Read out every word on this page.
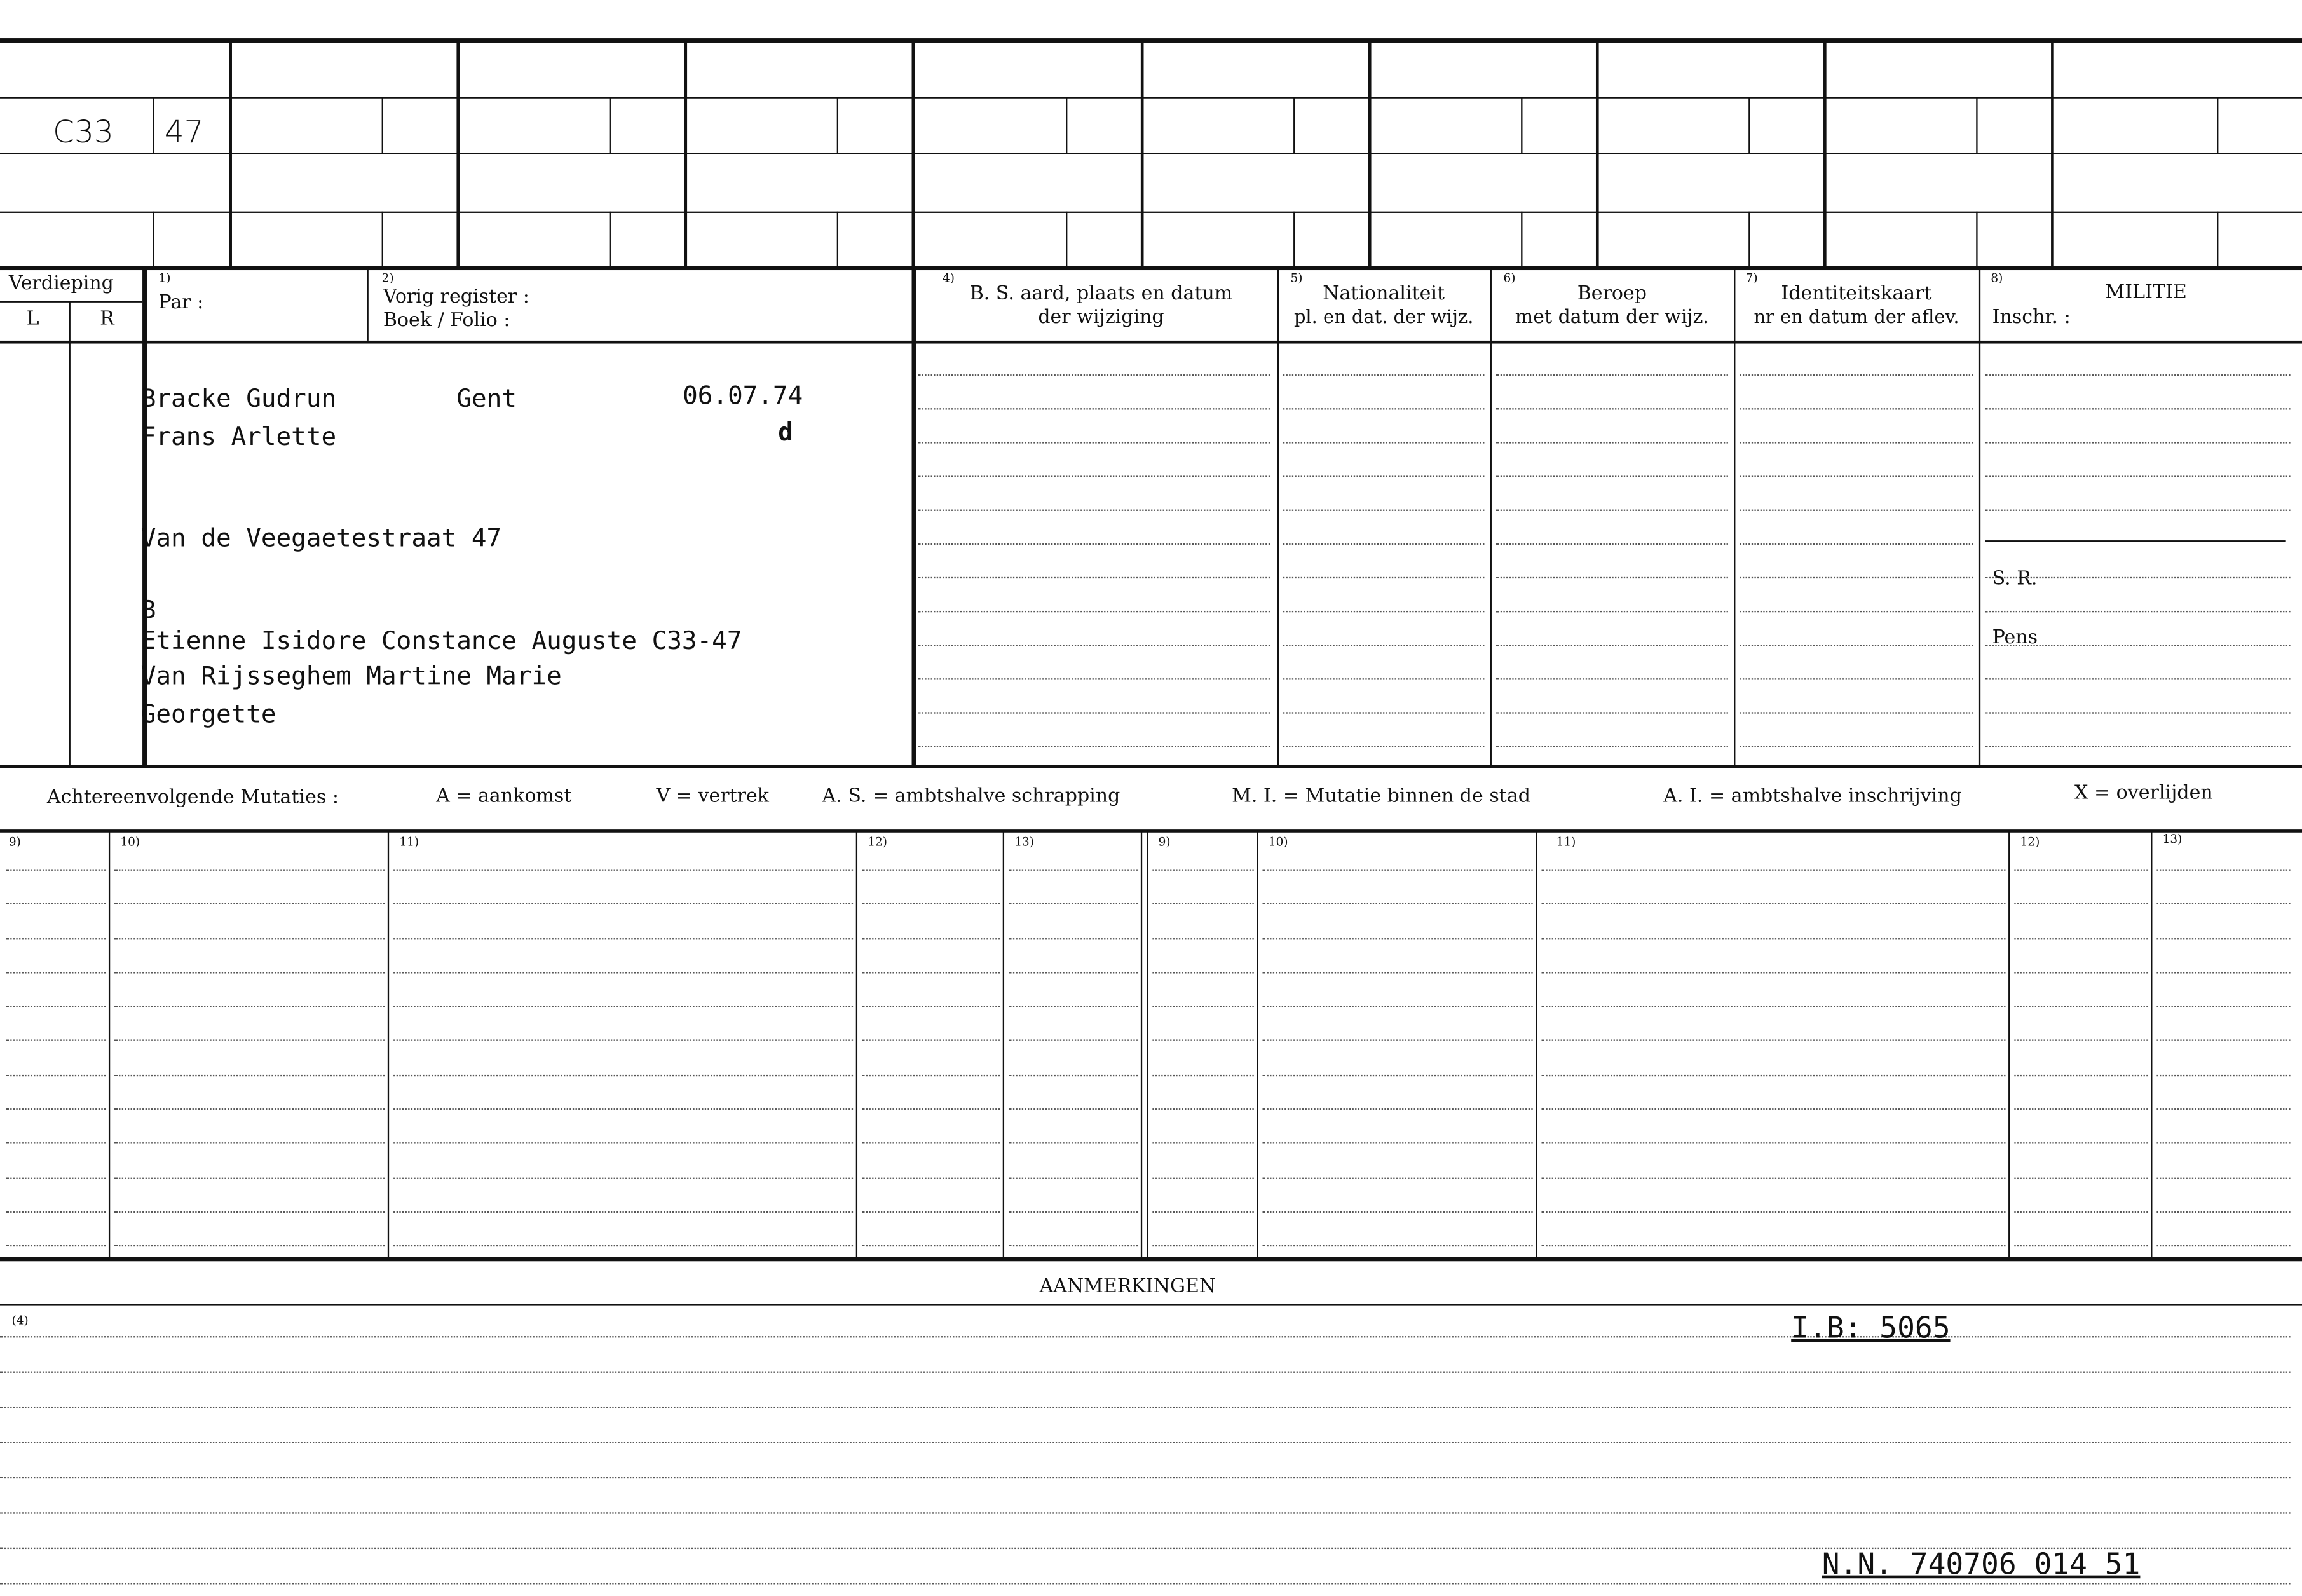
C33	47
Verdieping
L	R
1)
Par :
2)
Vorig register :
Boek / Folio :
4)
B. S. aard, plaats en datum
der wijziging
5)
Nationaliteit
pl. en dat. der wijz.
6)
Beroep
met datum der wijz.
7)
Identiteitskaart
nr en datum der aflev.
8)
MILITIE
Inschr. :
Bracke Gudrun	Gent	06.07.74
Frans Arlette	d
Van de Veegaetestraat 47
B
Etienne Isidore Constance Auguste C33-47
Van Rijsseghem Martine Marie
Georgette
S. R.
Pens
Achtereenvolgende Mutaties :	A = aankomst	V = vertrek	A. S. = ambtshalve schrapping	M. I. = Mutatie binnen de stad	A. I. = ambtshalve inschrijving	X = overlijden
9)	10)	11)	12)	13)	9)	10)	11)	12)	13)
AANMERKINGEN
(4)	I.B: 5065
N.N. 740706 014 51
